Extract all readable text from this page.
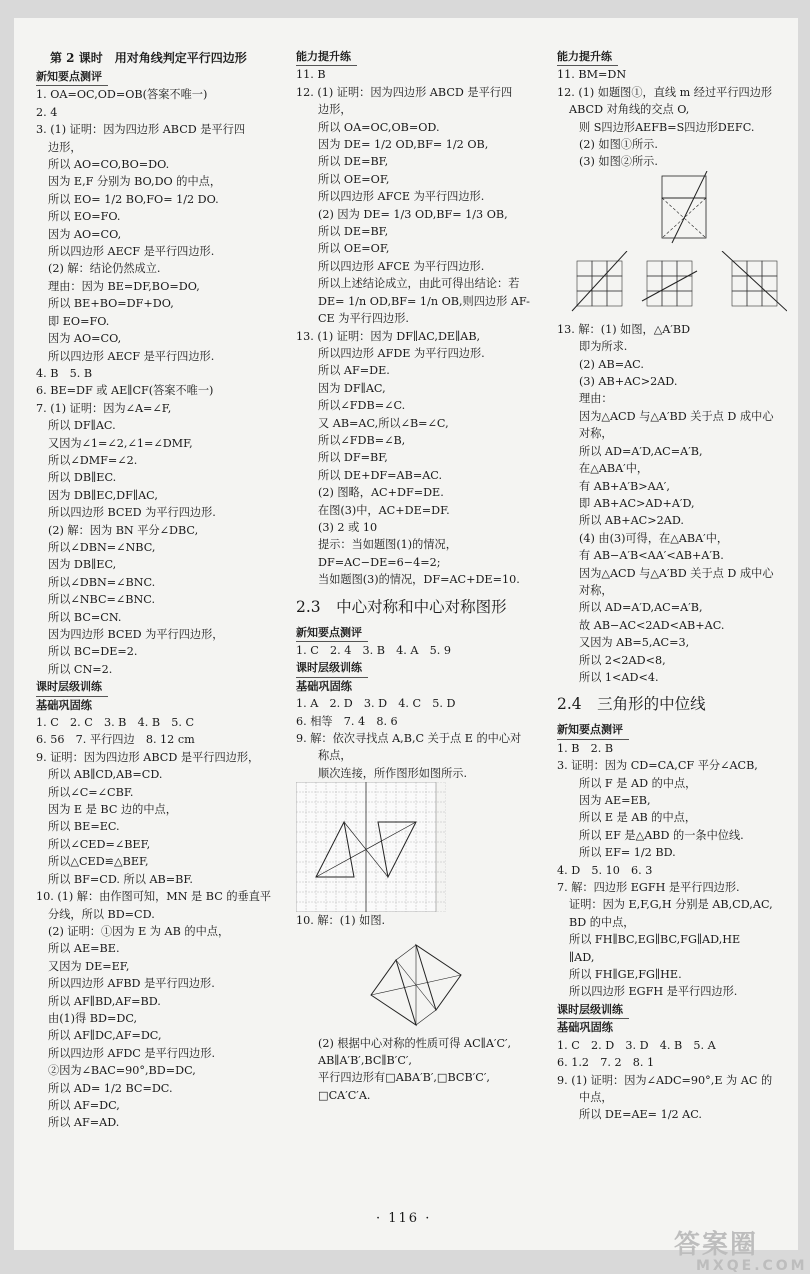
第 2 课时　用对角线判定平行四边形
新知要点测评
1. OA=OC,OD=OB(答案不唯一)
2. 4
3. (1) 证明：因为四边形 ABCD 是平行四
边形，
所以 AO=CO,BO=DO.
因为 E,F 分别为 BO,DO 的中点，
所以 EO= 1/2 BO,FO= 1/2 DO.
所以 EO=FO.
因为 AO=CO,
所以四边形 AECF 是平行四边形.
(2) 解：结论仍然成立.
理由：因为 BE=DF,BO=DO,
所以 BE+BO=DF+DO,
即 EO=FO.
因为 AO=CO,
所以四边形 AECF 是平行四边形.
4. B　5. B
6. BE=DF 或 AE∥CF(答案不唯一)
7. (1) 证明：因为∠A=∠F,
所以 DF∥AC.
又因为∠1=∠2,∠1=∠DMF,
所以∠DMF=∠2.
所以 DB∥EC.
因为 DB∥EC,DF∥AC,
所以四边形 BCED 为平行四边形.
(2) 解：因为 BN 平分∠DBC,
所以∠DBN=∠NBC,
因为 DB∥EC,
所以∠DBN=∠BNC.
所以∠NBC=∠BNC.
所以 BC=CN.
因为四边形 BCED 为平行四边形，
所以 BC=DE=2.
所以 CN=2.
课时层级训练
基础巩固练
1. C　2. C　3. B　4. B　5. C
6. 56　7. 平行四边　8. 12 cm
9. 证明：因为四边形 ABCD 是平行四边形，
所以 AB∥CD,AB=CD.
所以∠C=∠CBF.
因为 E 是 BC 边的中点，
所以 BE=EC.
所以∠CED=∠BEF,
所以△CED≌△BEF,
所以 BF=CD. 所以 AB=BF.
10. (1) 解：由作图可知，MN 是 BC 的垂直平
分线，所以 BD=CD.
(2) 证明：①因为 E 为 AB 的中点，
所以 AE=BE.
又因为 DE=EF,
所以四边形 AFBD 是平行四边形.
所以 AF∥BD,AF=BD.
由(1)得 BD=DC,
所以 AF∥DC,AF=DC,
所以四边形 AFDC 是平行四边形.
②因为∠BAC=90°,BD=DC,
所以 AD= 1/2 BC=DC.
所以 AF=DC,
所以 AF=AD.
能力提升练
11. B
12. (1) 证明：因为四边形 ABCD 是平行四
边形，
所以 OA=OC,OB=OD.
因为 DE= 1/2 OD,BF= 1/2 OB,
所以 DE=BF,
所以 OE=OF,
所以四边形 AFCE 为平行四边形.
(2) 因为 DE= 1/3 OD,BF= 1/3 OB,
所以 DE=BF,
所以 OE=OF,
所以四边形 AFCE 为平行四边形.
所以上述结论成立，由此可得出结论：若
DE= 1/n OD,BF= 1/n OB,则四边形 AF-
CE 为平行四边形.
13. (1) 证明：因为 DF∥AC,DE∥AB,
所以四边形 AFDE 为平行四边形.
所以 AF=DE.
因为 DF∥AC,
所以∠FDB=∠C.
又 AB=AC,所以∠B=∠C,
所以∠FDB=∠B,
所以 DF=BF,
所以 DE+DF=AB=AC.
(2) 图略，AC+DF=DE.
在图(3)中，AC+DE=DF.
(3) 2 或 10
提示：当如题图(1)的情况，
DF=AC−DE=6−4=2;
当如题图(3)的情况，DF=AC+DE=10.
2.3　中心对称和中心对称图形
新知要点测评
1. C　2. 4　3. B　4. A　5. 9
课时层级训练
基础巩固练
1. A　2. D　3. D　4. C　5. D
6. 相等　7. 4　8. 6
9. 解：依次寻找点 A,B,C 关于点 E 的中心对
称点，
顺次连接，所作图形如图所示.
10. 解：(1) 如图.
(2) 根据中心对称的性质可得 AC∥A′C′,
AB∥A′B′,BC∥B′C′,
平行四边形有□ABA′B′,□BCB′C′,
□CA′C′A.
能力提升练
11. BM=DN
12. (1) 如题图①，直线 m 经过平行四边形
ABCD 对角线的交点 O,
则 S四边形AEFB=S四边形DEFC.
(2) 如图①所示.
(3) 如图②所示.
13. 解：(1) 如图，△A′BD
即为所求.
(2) AB=AC.
(3) AB+AC>2AD.
理由：
因为△ACD 与△A′BD 关于点 D 成中心
对称，
所以 AD=A′D,AC=A′B,
在△ABA′中，
有 AB+A′B>AA′,
即 AB+AC>AD+A′D,
所以 AB+AC>2AD.
(4) 由(3)可得，在△ABA′中，
有 AB−A′B<AA′<AB+A′B.
因为△ACD 与△A′BD 关于点 D 成中心
对称，
所以 AD=A′D,AC=A′B,
故 AB−AC<2AD<AB+AC.
又因为 AB=5,AC=3,
所以 2<2AD<8,
所以 1<AD<4.
2.4　三角形的中位线
新知要点测评
1. B　2. B
3. 证明：因为 CD=CA,CF 平分∠ACB,
所以 F 是 AD 的中点，
因为 AE=EB,
所以 E 是 AB 的中点，
所以 EF 是△ABD 的一条中位线.
所以 EF= 1/2 BD.
4. D　5. 10　6. 3
7. 解：四边形 EGFH 是平行四边形.
证明：因为 E,F,G,H 分别是 AB,CD,AC,
BD 的中点，
所以 FH∥BC,EG∥BC,FG∥AD,HE
∥AD,
所以 FH∥GE,FG∥HE.
所以四边形 EGFH 是平行四边形.
课时层级训练
基础巩固练
1. C　2. D　3. D　4. B　5. A
6. 1.2　7. 2　8. 1
9. (1) 证明：因为∠ADC=90°,E 为 AC 的
中点，
所以 DE=AE= 1/2 AC.
· 116 ·
答案圈
MXQE.COM
